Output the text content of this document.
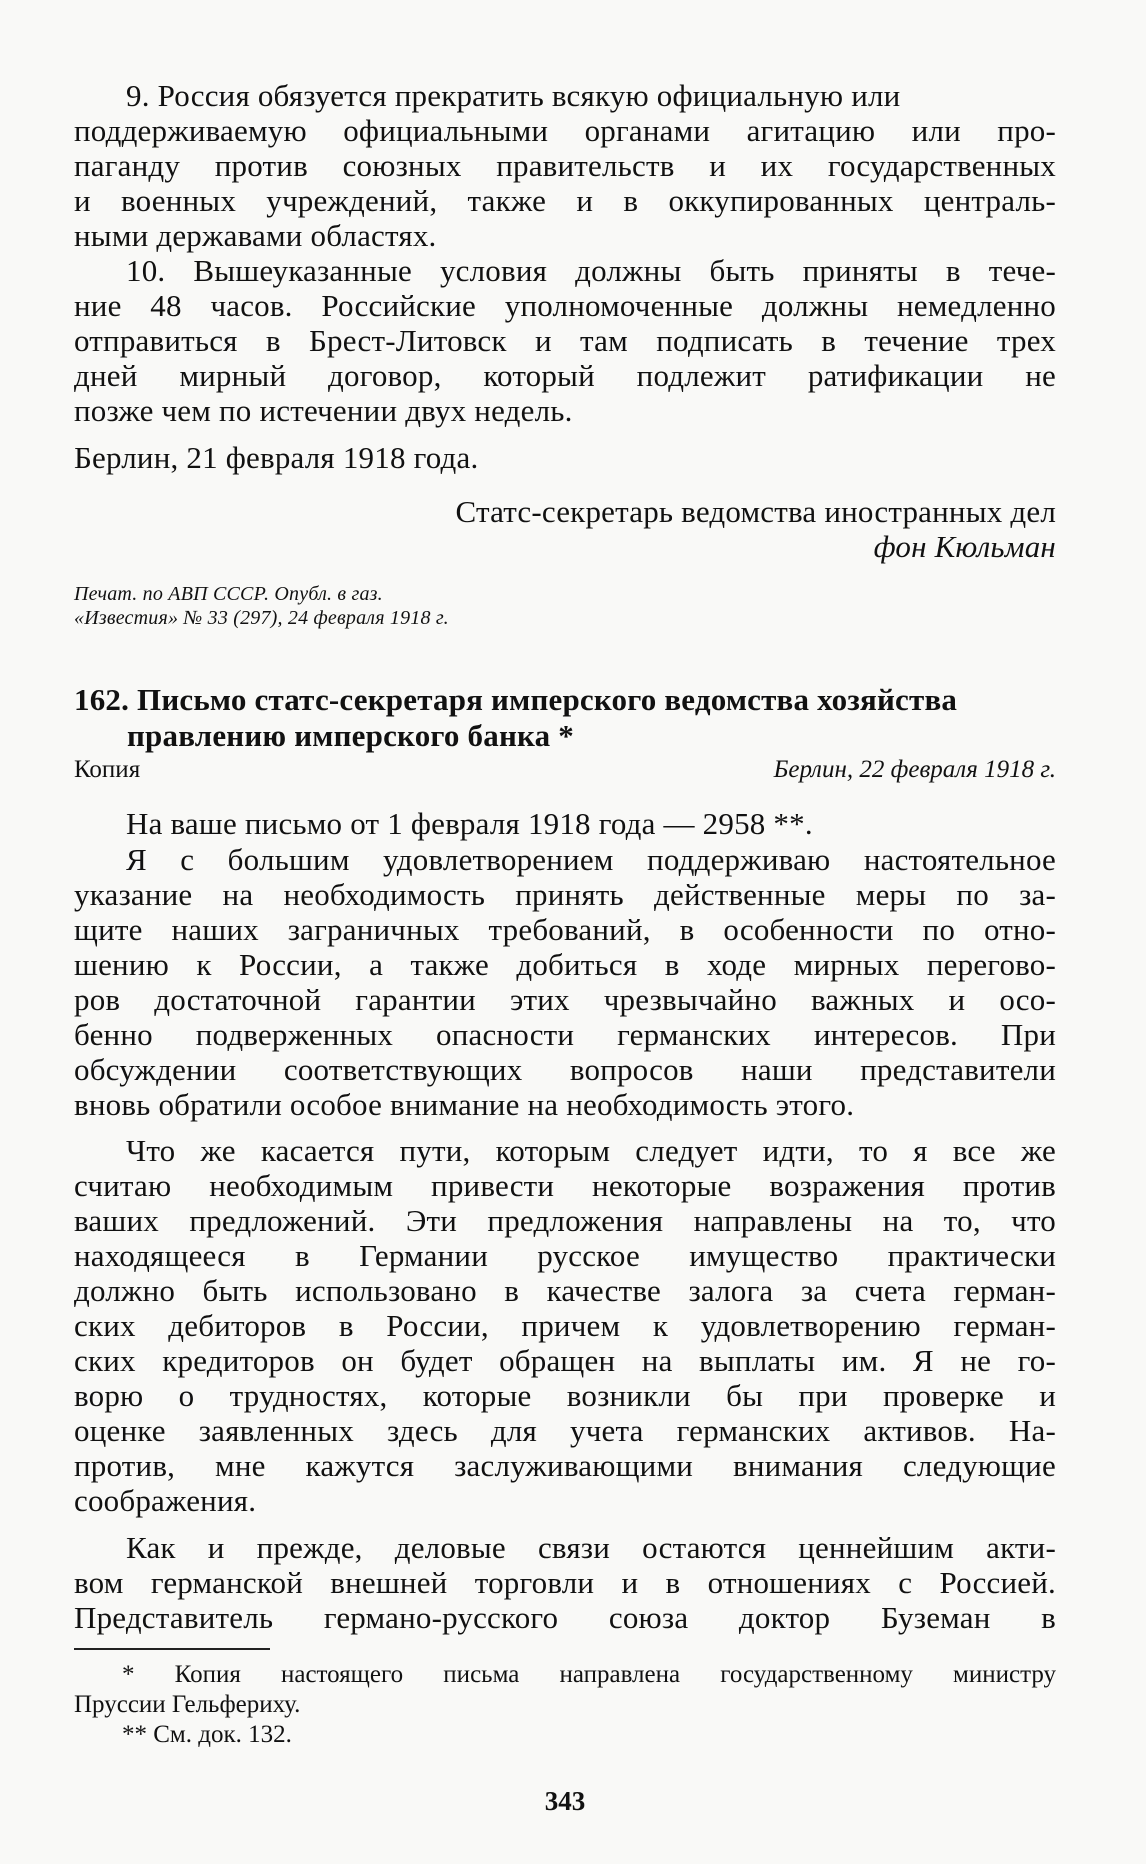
9. Россия обязуется прекратить всякую официальную или
поддерживаемую официальными органами агитацию или про-
паганду против союзных правительств и их государственных
и военных учреждений, также и в оккупированных централь-
ными державами областях.
10. Вышеуказанные условия должны быть приняты в тече-
ние 48 часов. Российские уполномоченные должны немедленно
отправиться в Брест-Литовск и там подписать в течение трех
дней мирный договор, который подлежит ратификации не
позже чем по истечении двух недель.
Берлин, 21 февраля 1918 года.
Статс-секретарь ведомства иностранных дел
фон Кюльман
Печат. по АВП СССР. Опубл. в газ.
«Известия» № 33 (297), 24 февраля 1918 г.
162. Письмо статс-секретаря имперского ведомства хозяйства
правлению имперского банка *
Копия	Берлин, 22 февраля 1918 г.
На ваше письмо от 1 февраля 1918 года — 2958 **.
Я с большим удовлетворением поддерживаю настоятельное
указание на необходимость принять действенные меры по за-
щите наших заграничных требований, в особенности по отно-
шению к России, а также добиться в ходе мирных перегово-
ров достаточной гарантии этих чрезвычайно важных и осо-
бенно подверженных опасности германских интересов. При
обсуждении соответствующих вопросов наши представители
вновь обратили особое внимание на необходимость этого.
Что же касается пути, которым следует идти, то я все же
считаю необходимым привести некоторые возражения против
ваших предложений. Эти предложения направлены на то, что
находящееся в Германии русское имущество практически
должно быть использовано в качестве залога за счета герман-
ских дебиторов в России, причем к удовлетворению герман-
ских кредиторов он будет обращен на выплаты им. Я не го-
ворю о трудностях, которые возникли бы при проверке и
оценке заявленных здесь для учета германских активов. На-
против, мне кажутся заслуживающими внимания следующие
соображения.
Как и прежде, деловые связи остаются ценнейшим акти-
вом германской внешней торговли и в отношениях с Россией.
Представитель германо-русского союза доктор Буземан в
* Копия настоящего письма направлена государственному министру
Пруссии Гельфериху.
** См. док. 132.
343
